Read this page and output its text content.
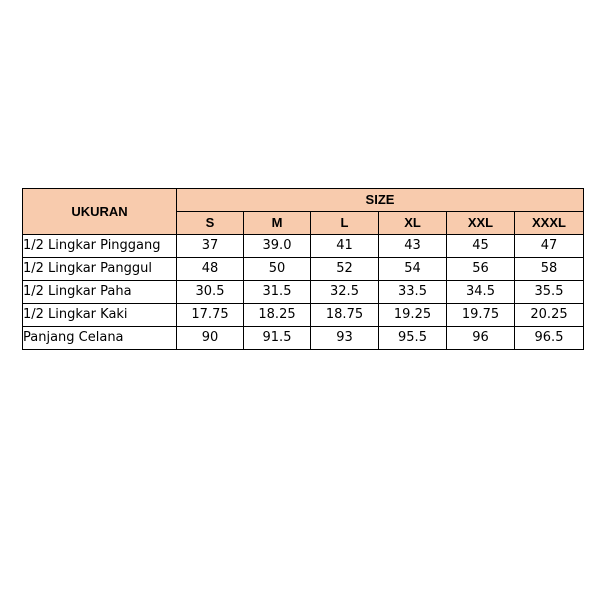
UKURAN	SIZE					
	S	M	L	XL	XXL	XXXL
1/2 Lingkar Pinggang	37	39.0	41	43	45	47
1/2 Lingkar Panggul	48	50	52	54	56	58
1/2 Lingkar Paha	30.5	31.5	32.5	33.5	34.5	35.5
1/2 Lingkar Kaki	17.75	18.25	18.75	19.25	19.75	20.25
Panjang Celana	90	91.5	93	95.5	96	96.5
